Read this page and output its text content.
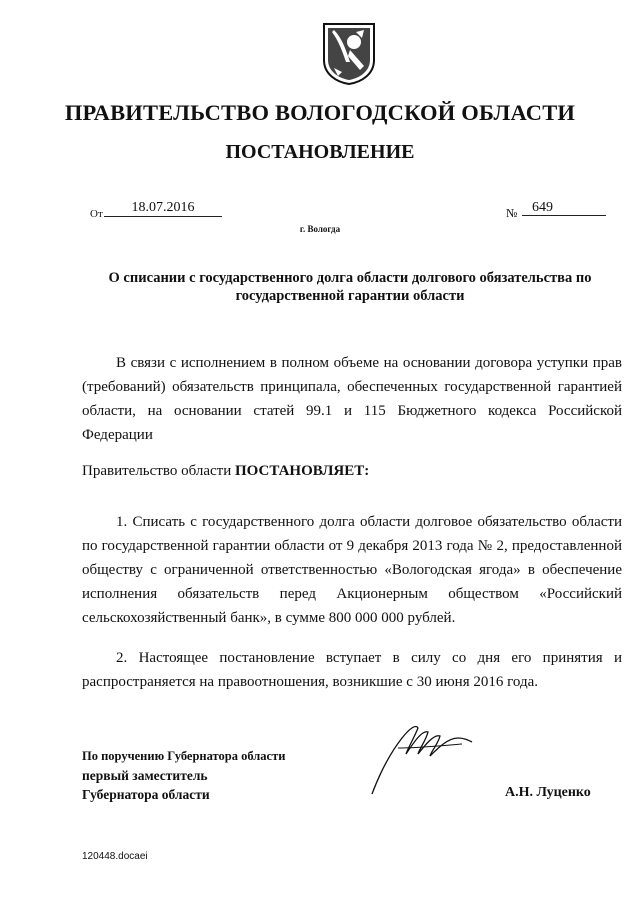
ПРАВИТЕЛЬСТВО ВОЛОГОДСКОЙ ОБЛАСТИ
ПОСТАНОВЛЕНИЕ
От	18.07.2016	№	649
г. Вологда
О списании с государственного долга области долгового обязательства по государственной гарантии области
В связи с исполнением в полном объеме на основании договора уступки прав (требований) обязательств принципала, обеспеченных государственной гарантией области, на основании статей 99.1 и 115 Бюджетного кодекса Российской Федерации
Правительство области ПОСТАНОВЛЯЕТ:
1. Списать с государственного долга области долговое обязательство области по государственной гарантии области от 9 декабря 2013 года № 2, предоставленной обществу с ограниченной ответственностью «Вологодская ягода» в обеспечение исполнения обязательств перед Акционерным обществом «Российский сельскохозяйственный банк», в сумме 800 000 000 рублей.
2. Настоящее постановление вступает в силу со дня его принятия и распространяется на правоотношения, возникшие с 30 июня 2016 года.
По поручению Губернатора области
первый заместитель
Губернатора области	А.Н. Луценко
120448.docaei
